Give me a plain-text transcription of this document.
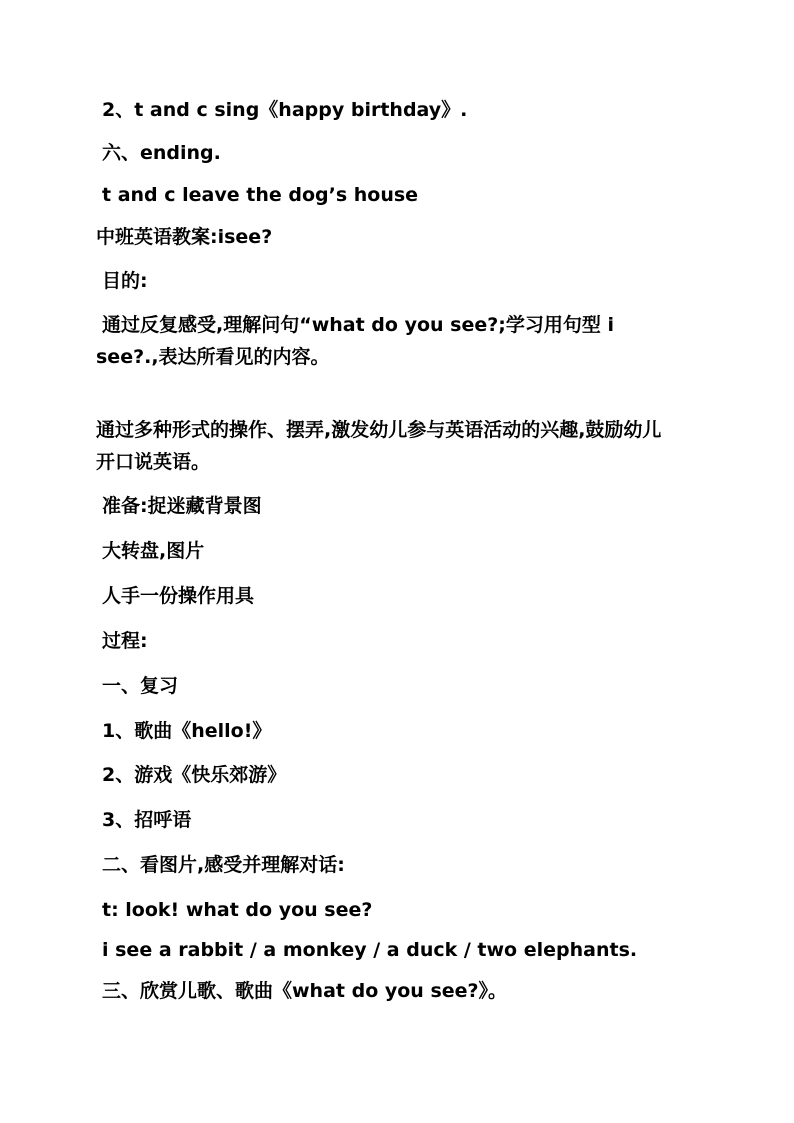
2、t and c sing《happy birthday》.
六、ending.
t and c leave the dog’s house
中班英语教案:isee?
目的:
通过反复感受,理解问句“what do you see?;学习用句型 i
see?.,表达所看见的内容。
通过多种形式的操作、摆弄,激发幼儿参与英语活动的兴趣,鼓励幼儿
开口说英语。
准备:捉迷藏背景图
大转盘,图片
人手一份操作用具
过程:
一、复习
1、歌曲《hello!》
2、游戏《快乐郊游》
3、招呼语
二、看图片,感受并理解对话:
t: look! what do you see?
i see a rabbit / a monkey / a duck / two elephants.
三、欣赏儿歌、歌曲《what do you see?》。
